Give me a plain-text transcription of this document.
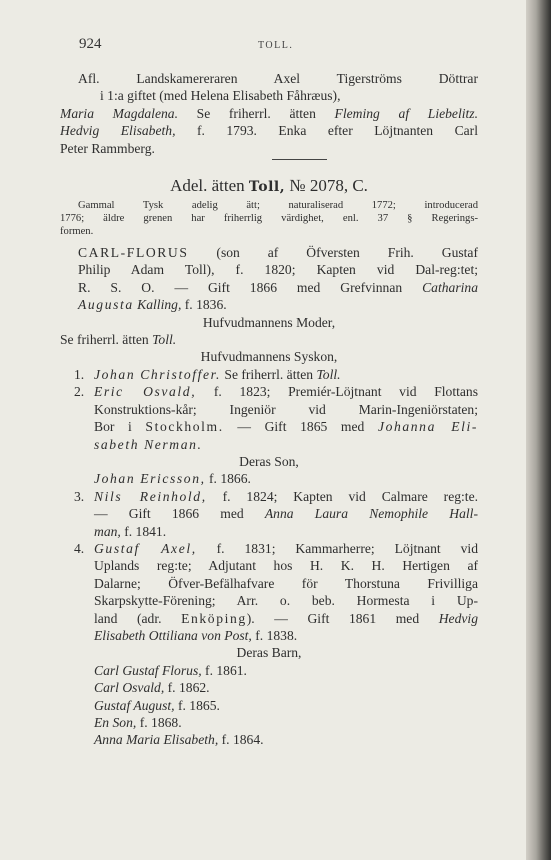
924	TOLL.
Afl. Landskamereraren Axel Tigerströms Döttrar
i 1:a giftet (med Helena Elisabeth Fåhræus),
Maria Magdalena. Se friherrl. ätten Fleming af Liebelitz.
Hedvig Elisabeth, f. 1793. Enka efter Löjtnanten Carl
Peter Rammberg.
Adel. ätten Toll, № 2078, C.
Gammal Tysk adelig ätt; naturaliserad 1772; introducerad
1776; äldre grenen har friherrlig värdighet, enl. 37 § Regerings-
formen.
CARL-FLORUS (son af Öfversten Frih. Gustaf
Philip Adam Toll), f. 1820; Kapten vid Dal-reg:tet;
R. S. O. — Gift 1866 med Grefvinnan Catharina
Augusta Kalling, f. 1836.
Hufvudmannens Moder,
Se friherrl. ätten Toll.
Hufvudmannens Syskon,
1. Johan Christoffer. Se friherrl. ätten Toll.
2. Eric Osvald, f. 1823; Premiér-Löjtnant vid Flottans
Konstruktions-kår; Ingeniör vid Marin-Ingeniörstaten;
Bor i Stockholm. — Gift 1865 med Johanna Eli-
sabeth Nerman.
Deras Son,
Johan Ericsson, f. 1866.
3. Nils Reinhold, f. 1824; Kapten vid Calmare reg:te.
— Gift 1866 med Anna Laura Nemophile Hall-
man, f. 1841.
4. Gustaf Axel, f. 1831; Kammarherre; Löjtnant vid
Uplands reg:te; Adjutant hos H. K. H. Hertigen af
Dalarne; Öfver-Befälhafvare för Thorstuna Frivilliga
Skarpskytte-Förening; Arr. o. beb. Hormesta i Up-
land (adr. Enköping). — Gift 1861 med Hedvig
Elisabeth Ottiliana von Post, f. 1838.
Deras Barn,
Carl Gustaf Florus, f. 1861.
Carl Osvald, f. 1862.
Gustaf August, f. 1865.
En Son, f. 1868.
Anna Maria Elisabeth, f. 1864.
